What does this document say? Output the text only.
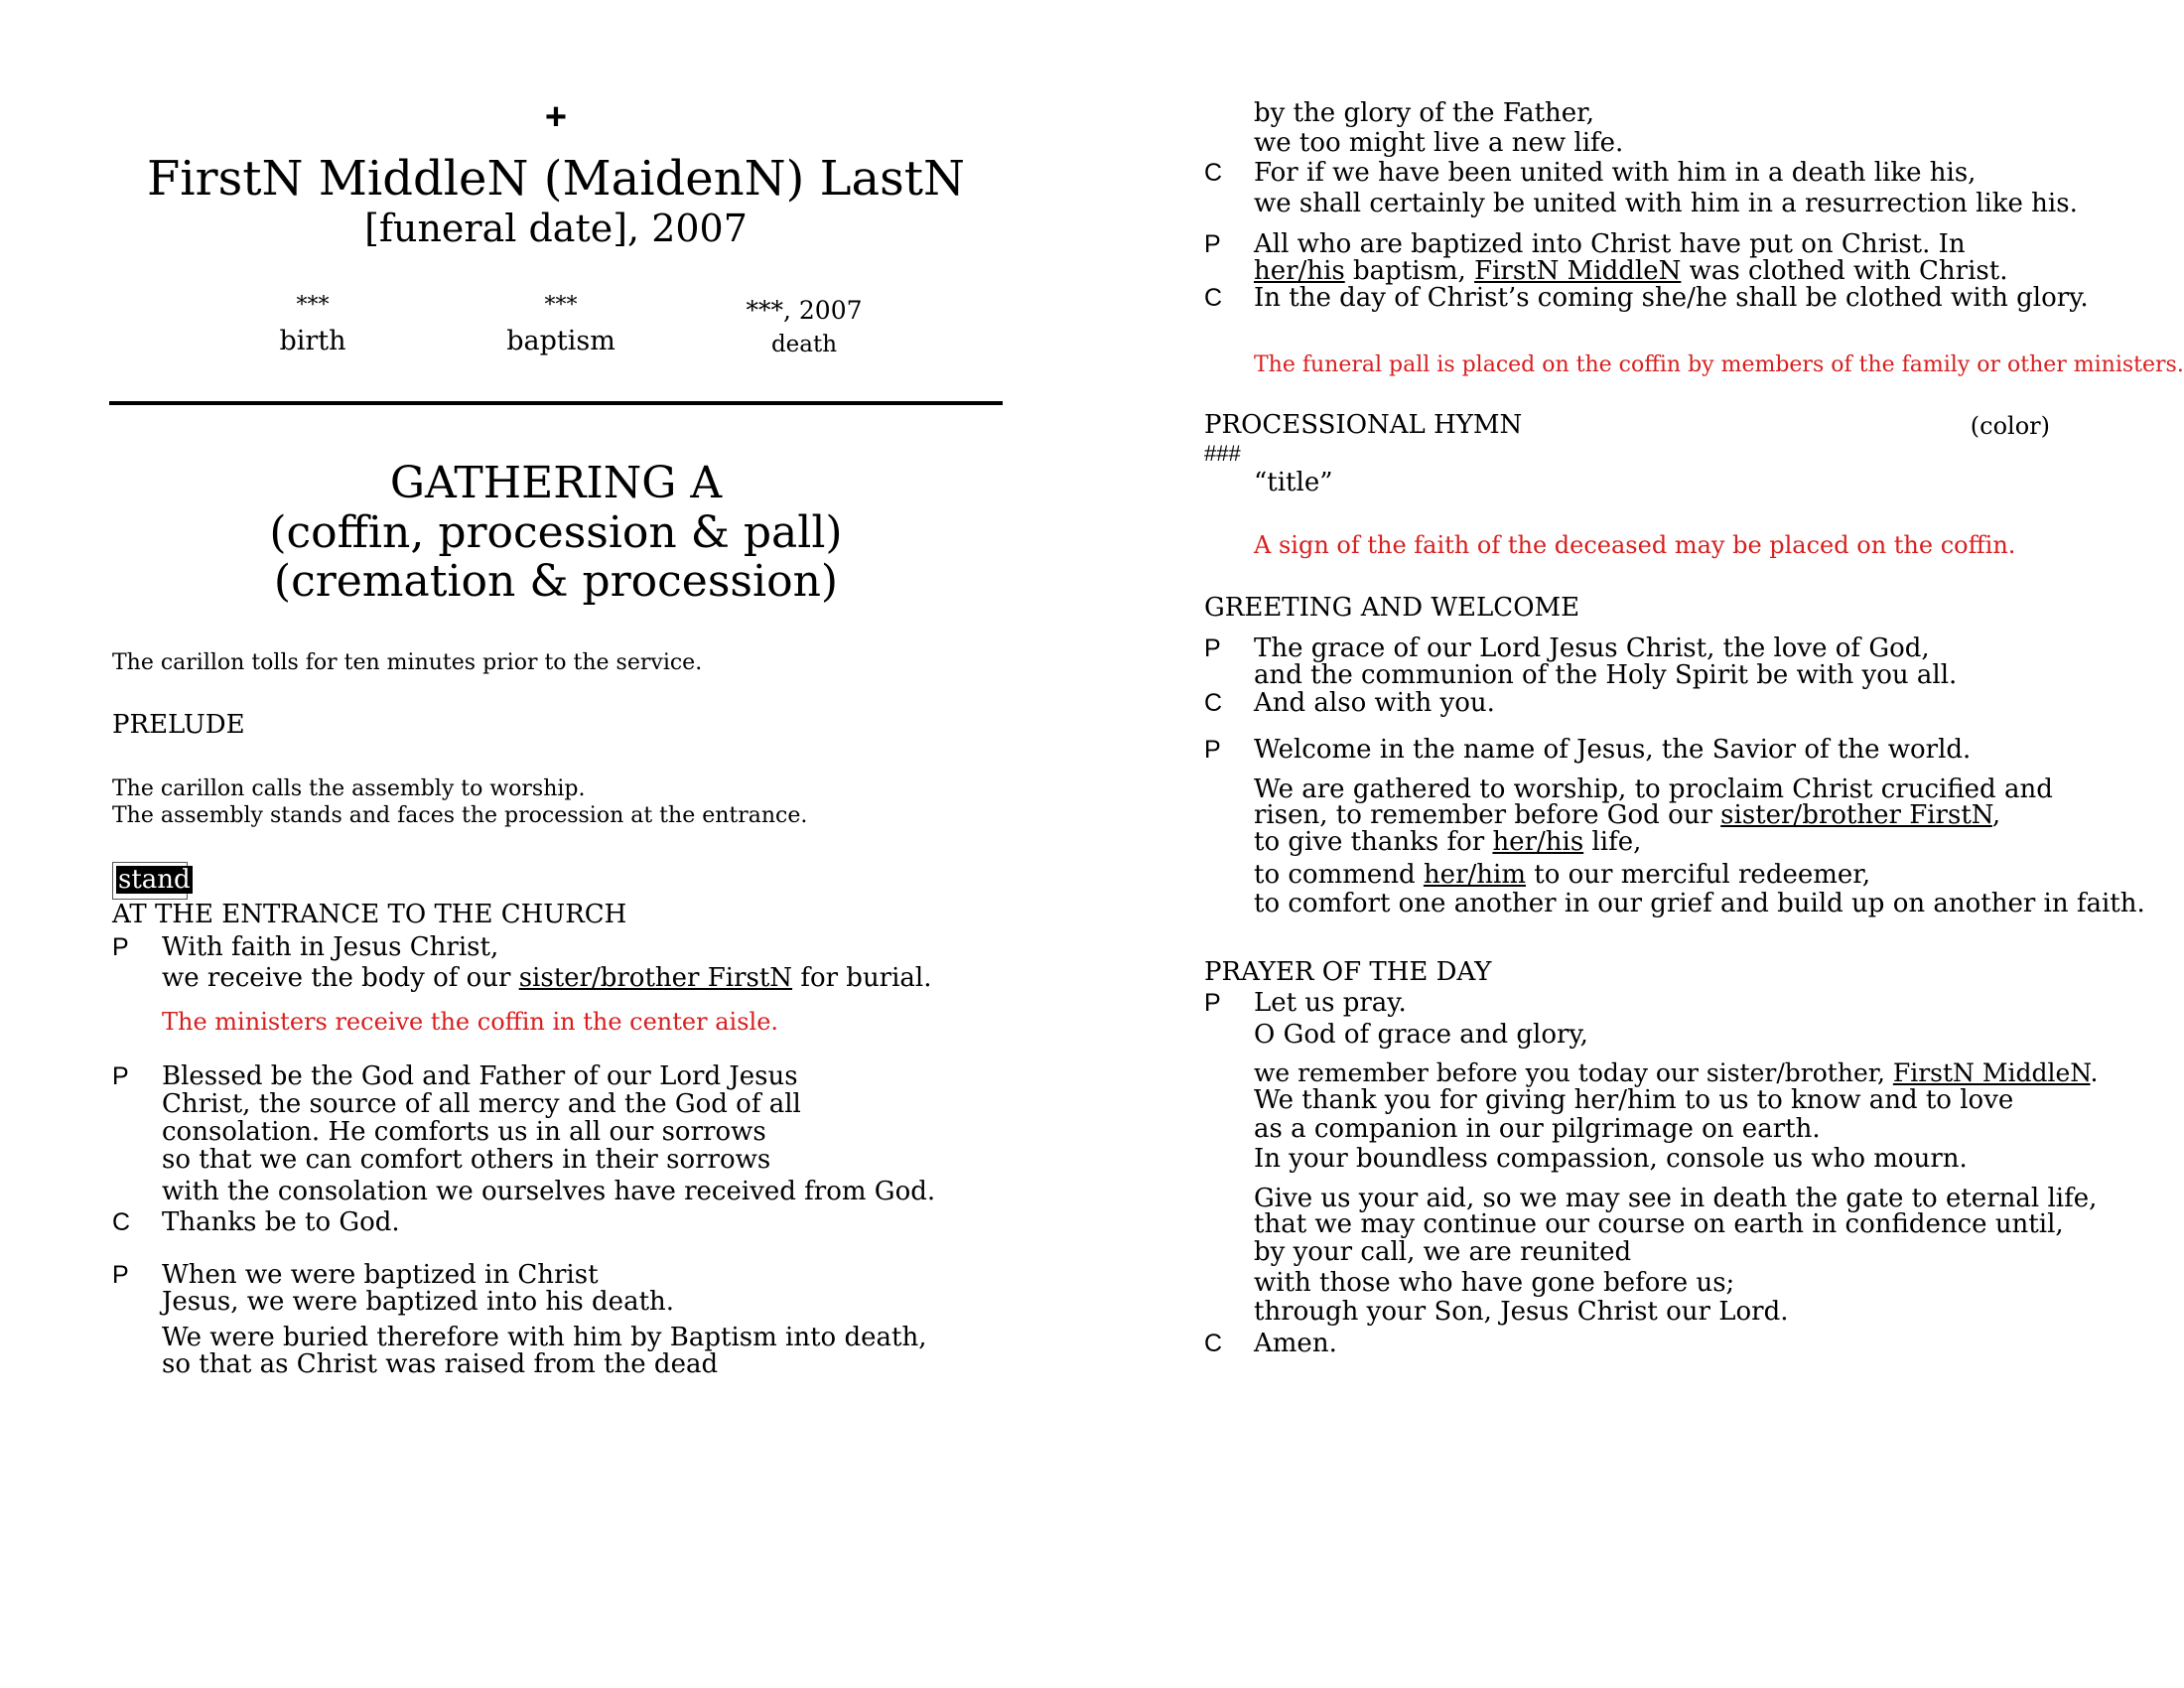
+
FirstN MiddleN (MaidenN) LastN
[funeral date], 2007
***
birth
***
baptism
***, 2007
death
GATHERING A
(coffin, procession & pall)
(cremation & procession)
The carillon tolls for ten minutes prior to the service.
PRELUDE
The carillon calls the assembly to worship.
The assembly stands and faces the procession at the entrance.
stand
AT THE ENTRANCE TO THE CHURCH
P With faith in Jesus Christ,
we receive the body of our sister/brother FirstN for burial.
The ministers receive the coffin in the center aisle.
P Blessed be the God and Father of our Lord Jesus
Christ, the source of all mercy and the God of all
consolation. He comforts us in all our sorrows
so that we can comfort others in their sorrows
with the consolation we ourselves have received from God.
C Thanks be to God.
P When we were baptized in Christ
Jesus, we were baptized into his death.
We were buried therefore with him by Baptism into death,
so that as Christ was raised from the dead
by the glory of the Father,
we too might live a new life.
C For if we have been united with him in a death like his,
we shall certainly be united with him in a resurrection like his.
P All who are baptized into Christ have put on Christ. In
her/his baptism, FirstN MiddleN was clothed with Christ.
C In the day of Christ’s coming she/he shall be clothed with glory.
The funeral pall is placed on the coffin by members of the family or other ministers.
PROCESSIONAL HYMN	(color)
###
“title”
A sign of the faith of the deceased may be placed on the coffin.
GREETING AND WELCOME
P The grace of our Lord Jesus Christ, the love of God,
and the communion of the Holy Spirit be with you all.
C And also with you.
P Welcome in the name of Jesus, the Savior of the world.
We are gathered to worship, to proclaim Christ crucified and
risen, to remember before God our sister/brother FirstN,
to give thanks for her/his life,
to commend her/him to our merciful redeemer,
to comfort one another in our grief and build up on another in faith.
PRAYER OF THE DAY
P Let us pray.
O God of grace and glory,
we remember before you today our sister/brother, FirstN MiddleN.
We thank you for giving her/him to us to know and to love
as a companion in our pilgrimage on earth.
In your boundless compassion, console us who mourn.
Give us your aid, so we may see in death the gate to eternal life,
that we may continue our course on earth in confidence until,
by your call, we are reunited
with those who have gone before us;
through your Son, Jesus Christ our Lord.
C Amen.
